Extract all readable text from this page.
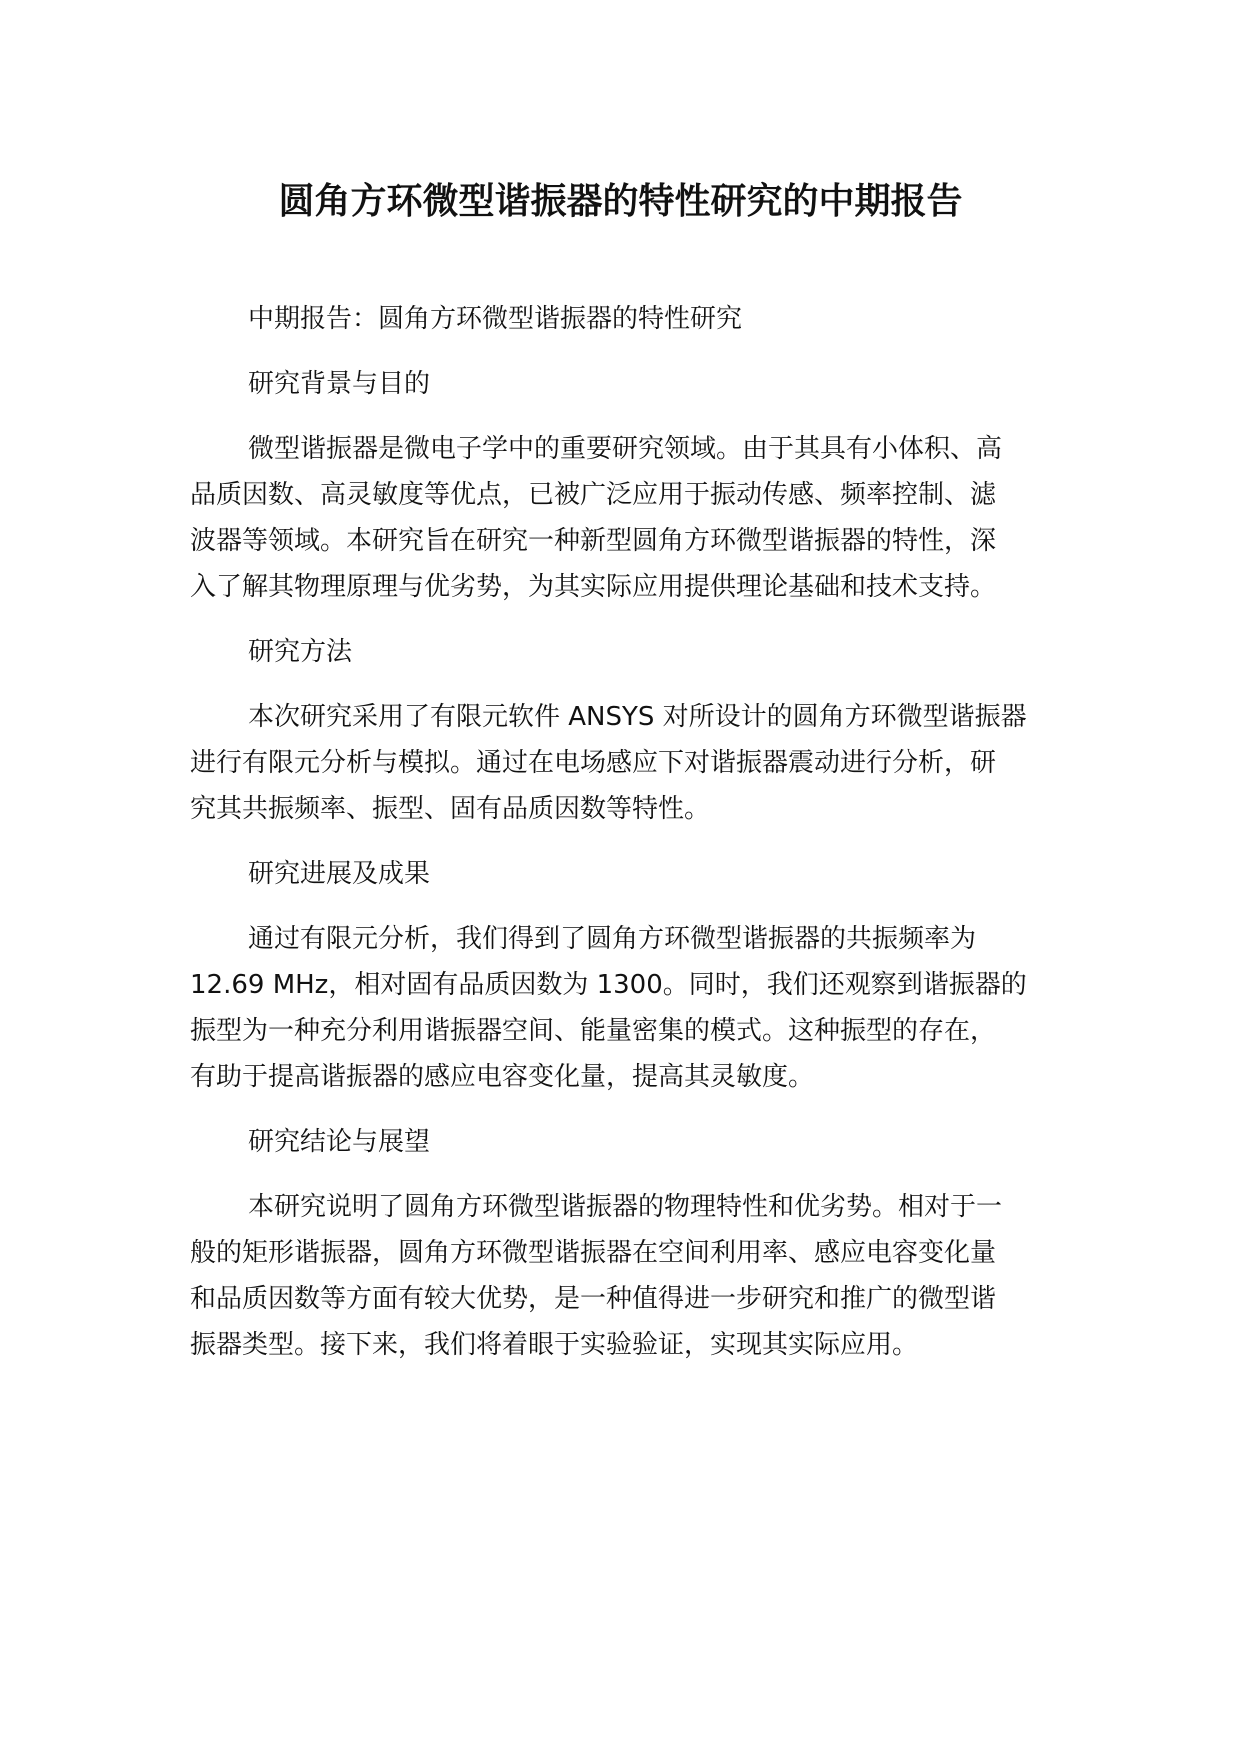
圆角方环微型谐振器的特性研究的中期报告
中期报告：圆角方环微型谐振器的特性研究
研究背景与目的
微型谐振器是微电子学中的重要研究领域。由于其具有小体积、高
品质因数、高灵敏度等优点，已被广泛应用于振动传感、频率控制、滤
波器等领域。本研究旨在研究一种新型圆角方环微型谐振器的特性，深
入了解其物理原理与优劣势，为其实际应用提供理论基础和技术支持。
研究方法
本次研究采用了有限元软件 ANSYS 对所设计的圆角方环微型谐振器
进行有限元分析与模拟。通过在电场感应下对谐振器震动进行分析，研
究其共振频率、振型、固有品质因数等特性。
研究进展及成果
通过有限元分析，我们得到了圆角方环微型谐振器的共振频率为
12.69 MHz，相对固有品质因数为 1300。同时，我们还观察到谐振器的
振型为一种充分利用谐振器空间、能量密集的模式。这种振型的存在，
有助于提高谐振器的感应电容变化量，提高其灵敏度。
研究结论与展望
本研究说明了圆角方环微型谐振器的物理特性和优劣势。相对于一
般的矩形谐振器，圆角方环微型谐振器在空间利用率、感应电容变化量
和品质因数等方面有较大优势，是一种值得进一步研究和推广的微型谐
振器类型。接下来，我们将着眼于实验验证，实现其实际应用。
